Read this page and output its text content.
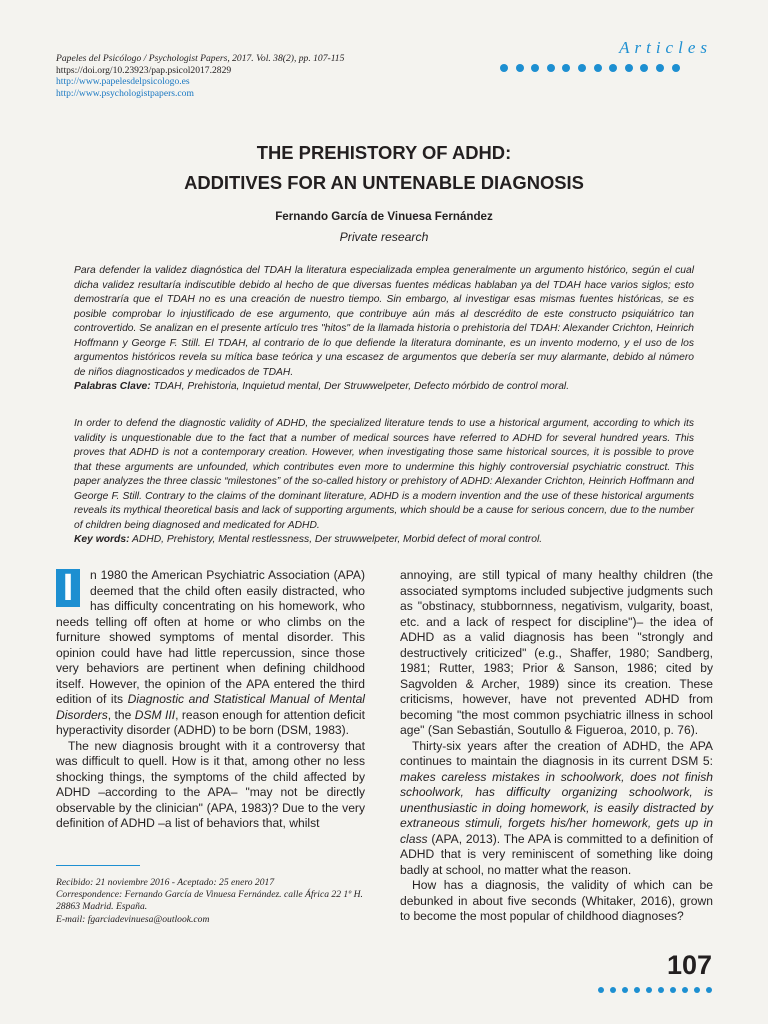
Papeles del Psicólogo / Psychologist Papers, 2017. Vol. 38(2), pp. 107-115
https://doi.org/10.23923/pap.psicol2017.2829
http://www.papelesdelpsicologo.es
http://www.psychologistpapers.com
Articles
THE PREHISTORY OF ADHD:
ADDITIVES FOR AN UNTENABLE DIAGNOSIS
Fernando García de Vinuesa Fernández
Private research
Para defender la validez diagnóstica del TDAH la literatura especializada emplea generalmente un argumento histórico, según el cual dicha validez resultaría indiscutible debido al hecho de que diversas fuentes médicas hablaban ya del TDAH hace varios siglos; esto demostraría que el TDAH no es una creación de nuestro tiempo. Sin embargo, al investigar esas mismas fuentes históricas, se es posible comprobar lo injustificado de ese argumento, que contribuye aún más al descrédito de este constructo psiquiátrico tan controvertido. Se analizan en el presente artículo tres "hitos" de la llamada historia o prehistoria del TDAH: Alexander Crichton, Heinrich Hoffmann y George F. Still. El TDAH, al contrario de lo que defiende la literatura dominante, es un invento moderno, y el uso de los argumentos históricos revela su mítica base teórica y una escasez de argumentos que debería ser muy alarmante, debido al número de niños diagnosticados y medicados de TDAH.
Palabras Clave: TDAH, Prehistoria, Inquietud mental, Der Struwwelpeter, Defecto mórbido de control moral.
In order to defend the diagnostic validity of ADHD, the specialized literature tends to use a historical argument, according to which its validity is unquestionable due to the fact that a number of medical sources have referred to ADHD for several hundred years. This proves that ADHD is not a contemporary creation. However, when investigating those same historical sources, it is possible to prove that these arguments are unfounded, which contributes even more to undermine this highly controversial psychiatric construct. This paper analyzes the three classic “milestones” of the so-called history or prehistory of ADHD: Alexander Crichton, Heinrich Hoffmann and George F. Still. Contrary to the claims of the dominant literature, ADHD is a modern invention and the use of these historical arguments reveals its mythical theoretical basis and lack of supporting arguments, which should be a cause for serious concern, due to the number of children being diagnosed and medicated for ADHD.
Key words: ADHD, Prehistory, Mental restlessness, Der struwwelpeter, Morbid defect of moral control.

I	n 1980 the American Psychiatric Association (APA) deemed that the child often easily distracted, who has difficulty concentrating on his homework, who needs telling off often at home or who climbs on the furniture showed symptoms of mental disorder. This opinion could have had little repercussion, since those very behaviors are pertinent when defining childhood itself. However, the opinion of the APA entered the third edition of its Diagnostic and Statistical Manual of Mental Disorders, the DSM III, reason enough for attention deficit hyperactivity disorder (ADHD) to be born (DSM, 1983).

The new diagnosis brought with it a controversy that was difficult to quell. How is it that, among other no less shocking things, the symptoms of the child affected by ADHD –according to the APA– "may not be directly observable by the clinician" (APA, 1983)? Due to the very definition of ADHD –a list of behaviors that, whilst

Recibido: 21 noviembre 2016 - Aceptado: 25 enero 2017
Correspondence: Fernando García de Vinuesa Fernández. calle África 22 1º H. 28863 Madrid. España.
E-mail: fgarciadevinuesa@outlook.com

annoying, are still typical of many healthy children (the associated symptoms included subjective judgments such as "obstinacy, stubbornness, negativism, vulgarity, boast, etc. and a lack of respect for discipline")– the idea of ADHD as a valid diagnosis has been "strongly and destructively criticized" (e.g., Shaffer, 1980; Sandberg, 1981; Rutter, 1983; Prior & Sanson, 1986; cited by Sagvolden & Archer, 1989) since its creation. These criticisms, however, have not prevented ADHD from becoming "the most common psychiatric illness in school age" (San Sebastián, Soutullo & Figueroa, 2010, p. 76).

Thirty-six years after the creation of ADHD, the APA continues to maintain the diagnosis in its current DSM 5: makes careless mistakes in schoolwork, does not finish schoolwork, has difficulty organizing schoolwork, is unenthusiastic in doing homework, is easily distracted by extraneous stimuli, forgets his/her homework, gets up in class (APA, 2013). The APA is committed to a definition of ADHD that is very reminiscent of something like doing badly at school, no matter what the reason.

How has a diagnosis, the validity of which can be debunked in about five seconds (Whitaker, 2016), grown to become the most popular of childhood diagnoses?

107
